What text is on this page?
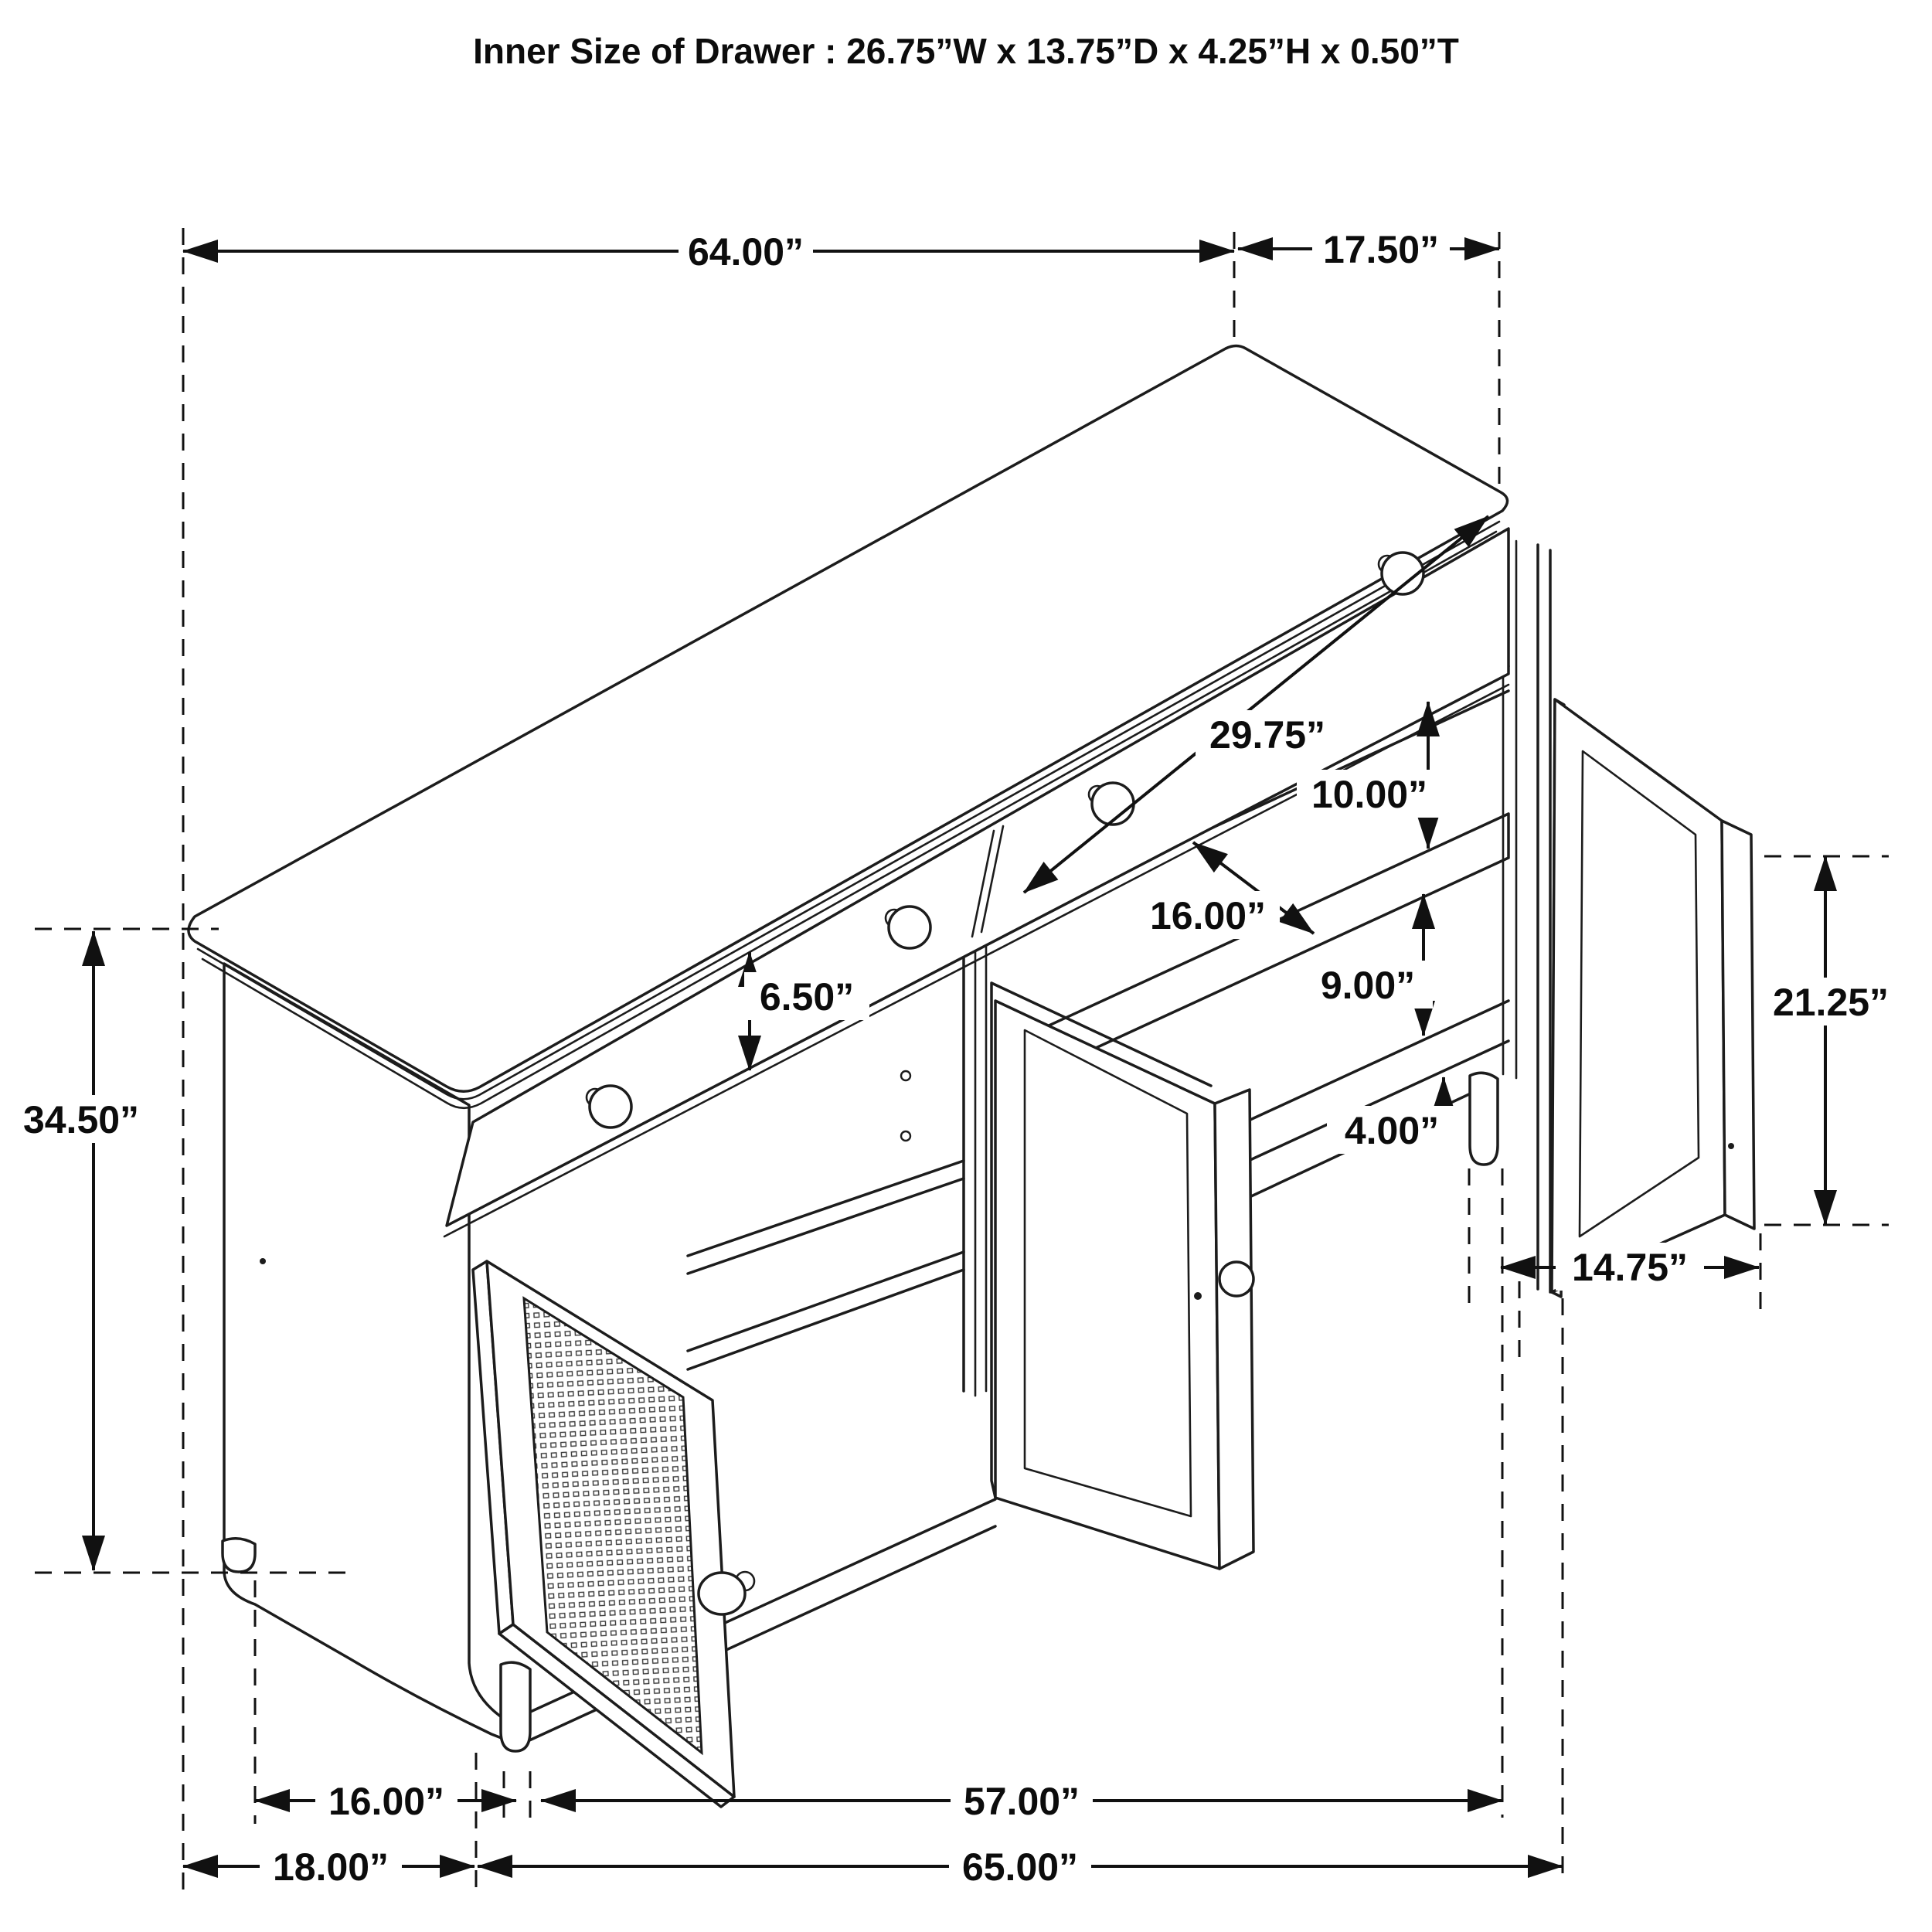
Inner Size of Drawer : 26.75”W x 13.75”D x 4.25”H x 0.50”T
64.00”	17.50”
29.75”
10.00”
16.00”
9.00”
6.50”
4.00”
21.25”
14.75”
34.50”
16.00”	57.00”
18.00”	65.00”
